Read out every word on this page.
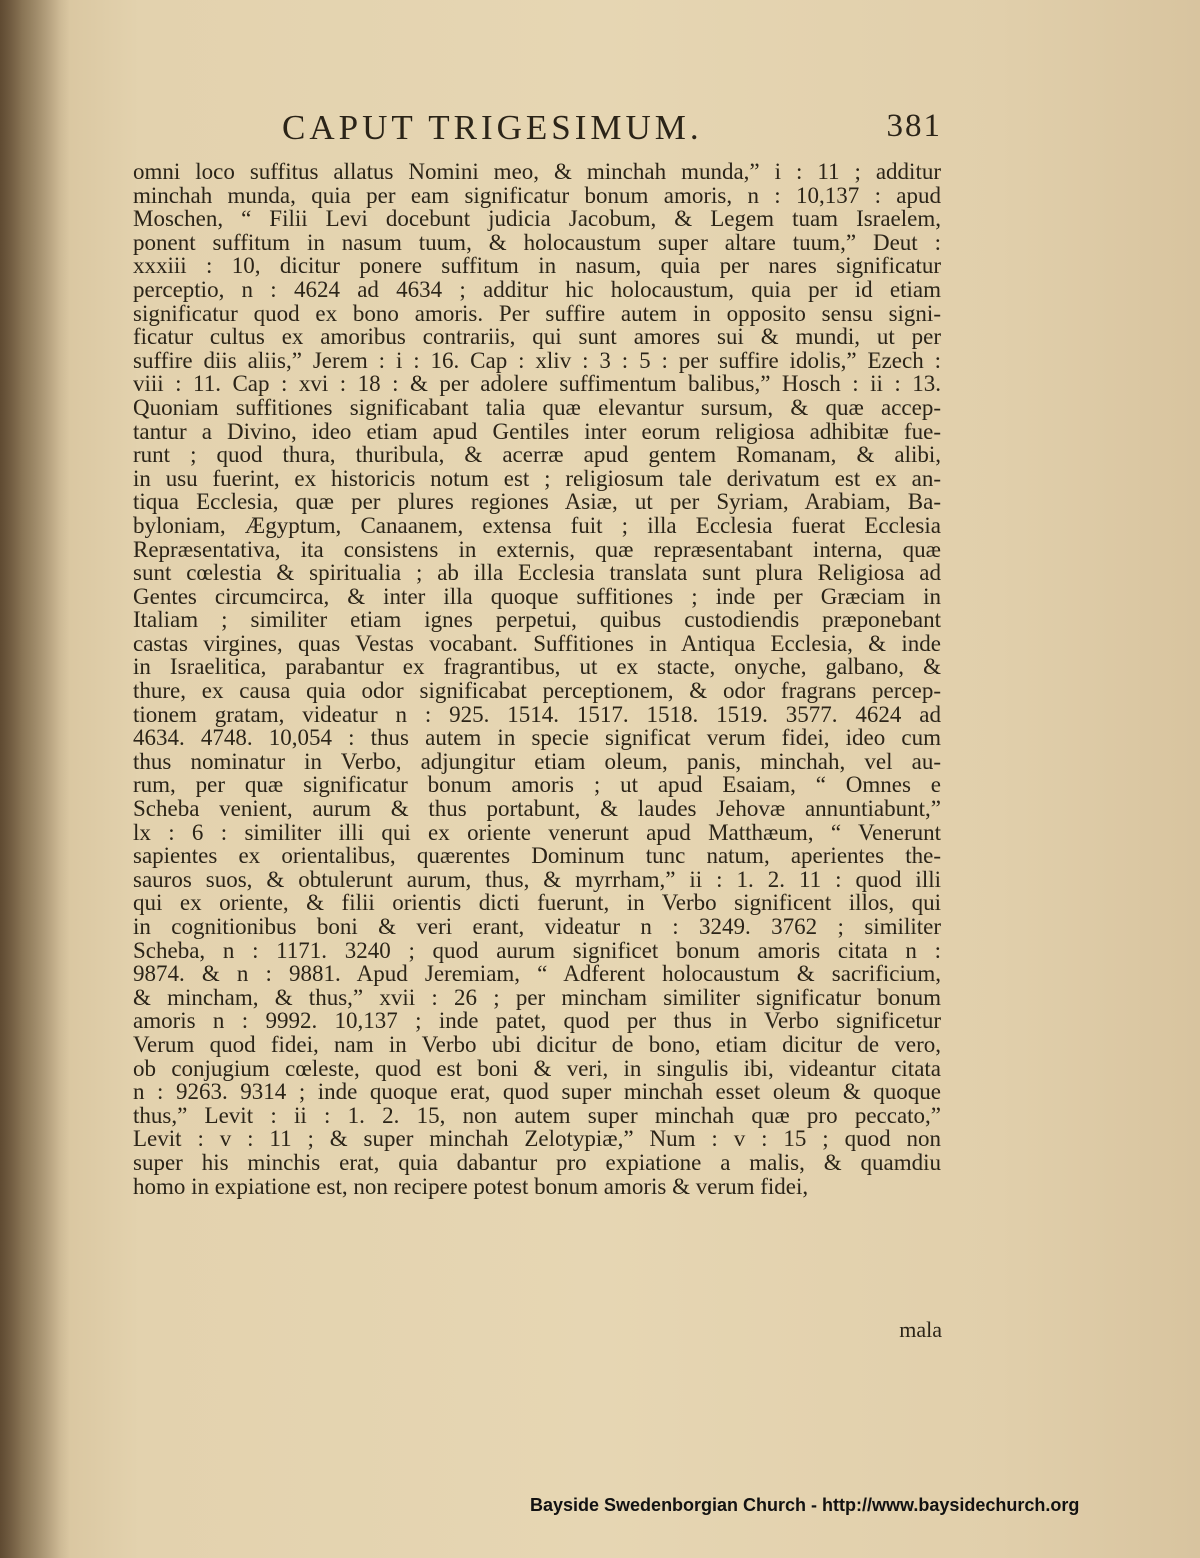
CAPUT TRIGESIMUM.	381
omni loco suffitus allatus Nomini meo, & minchah munda,” i : 11 ; additur
minchah munda, quia per eam significatur bonum amoris, n : 10,137 : apud
Moschen, “ Filii Levi docebunt judicia Jacobum, & Legem tuam Israelem,
ponent suffitum in nasum tuum, & holocaustum super altare tuum,” Deut :
xxxiii : 10, dicitur ponere suffitum in nasum, quia per nares significatur
perceptio, n : 4624 ad 4634 ; additur hic holocaustum, quia per id etiam
significatur quod ex bono amoris. Per suffire autem in opposito sensu signi-
ficatur cultus ex amoribus contrariis, qui sunt amores sui & mundi, ut per
suffire diis aliis,” Jerem : i : 16. Cap : xliv : 3 : 5 : per suffire idolis,” Ezech :
viii : 11. Cap : xvi : 18 : & per adolere suffimentum balibus,” Hosch : ii : 13.
Quoniam suffitiones significabant talia quæ elevantur sursum, & quæ accep-
tantur a Divino, ideo etiam apud Gentiles inter eorum religiosa adhibitæ fue-
runt ; quod thura, thuribula, & acerræ apud gentem Romanam, & alibi,
in usu fuerint, ex historicis notum est ; religiosum tale derivatum est ex an-
tiqua Ecclesia, quæ per plures regiones Asiæ, ut per Syriam, Arabiam, Ba-
byloniam, Ægyptum, Canaanem, extensa fuit ; illa Ecclesia fuerat Ecclesia
Repræsentativa, ita consistens in externis, quæ repræsentabant interna, quæ
sunt cœlestia & spiritualia ; ab illa Ecclesia translata sunt plura Religiosa ad
Gentes circumcirca, & inter illa quoque suffitiones ; inde per Græciam in
Italiam ; similiter etiam ignes perpetui, quibus custodiendis præponebant
castas virgines, quas Vestas vocabant. Suffitiones in Antiqua Ecclesia, & inde
in Israelitica, parabantur ex fragrantibus, ut ex stacte, onyche, galbano, &
thure, ex causa quia odor significabat perceptionem, & odor fragrans percep-
tionem gratam, videatur n : 925. 1514. 1517. 1518. 1519. 3577. 4624 ad
4634. 4748. 10,054 : thus autem in specie significat verum fidei, ideo cum
thus nominatur in Verbo, adjungitur etiam oleum, panis, minchah, vel au-
rum, per quæ significatur bonum amoris ; ut apud Esaiam, “ Omnes e
Scheba venient, aurum & thus portabunt, & laudes Jehovæ annuntiabunt,”
lx : 6 : similiter illi qui ex oriente venerunt apud Matthæum, “ Venerunt
sapientes ex orientalibus, quærentes Dominum tunc natum, aperientes the-
sauros suos, & obtulerunt aurum, thus, & myrrham,” ii : 1. 2. 11 : quod illi
qui ex oriente, & filii orientis dicti fuerunt, in Verbo significent illos, qui
in cognitionibus boni & veri erant, videatur n : 3249. 3762 ; similiter
Scheba, n : 1171. 3240 ; quod aurum significet bonum amoris citata n :
9874. & n : 9881. Apud Jeremiam, “ Adferent holocaustum & sacrificium,
& mincham, & thus,” xvii : 26 ; per mincham similiter significatur bonum
amoris n : 9992. 10,137 ; inde patet, quod per thus in Verbo significetur
Verum quod fidei, nam in Verbo ubi dicitur de bono, etiam dicitur de vero,
ob conjugium cœleste, quod est boni & veri, in singulis ibi, videantur citata
n : 9263. 9314 ; inde quoque erat, quod super minchah esset oleum & quoque
thus,” Levit : ii : 1. 2. 15, non autem super minchah quæ pro peccato,”
Levit : v : 11 ; & super minchah Zelotypiæ,” Num : v : 15 ; quod non
super his minchis erat, quia dabantur pro expiatione a malis, & quamdiu
homo in expiatione est, non recipere potest bonum amoris & verum fidei,
mala
Bayside Swedenborgian Church - http://www.baysidechurch.org
